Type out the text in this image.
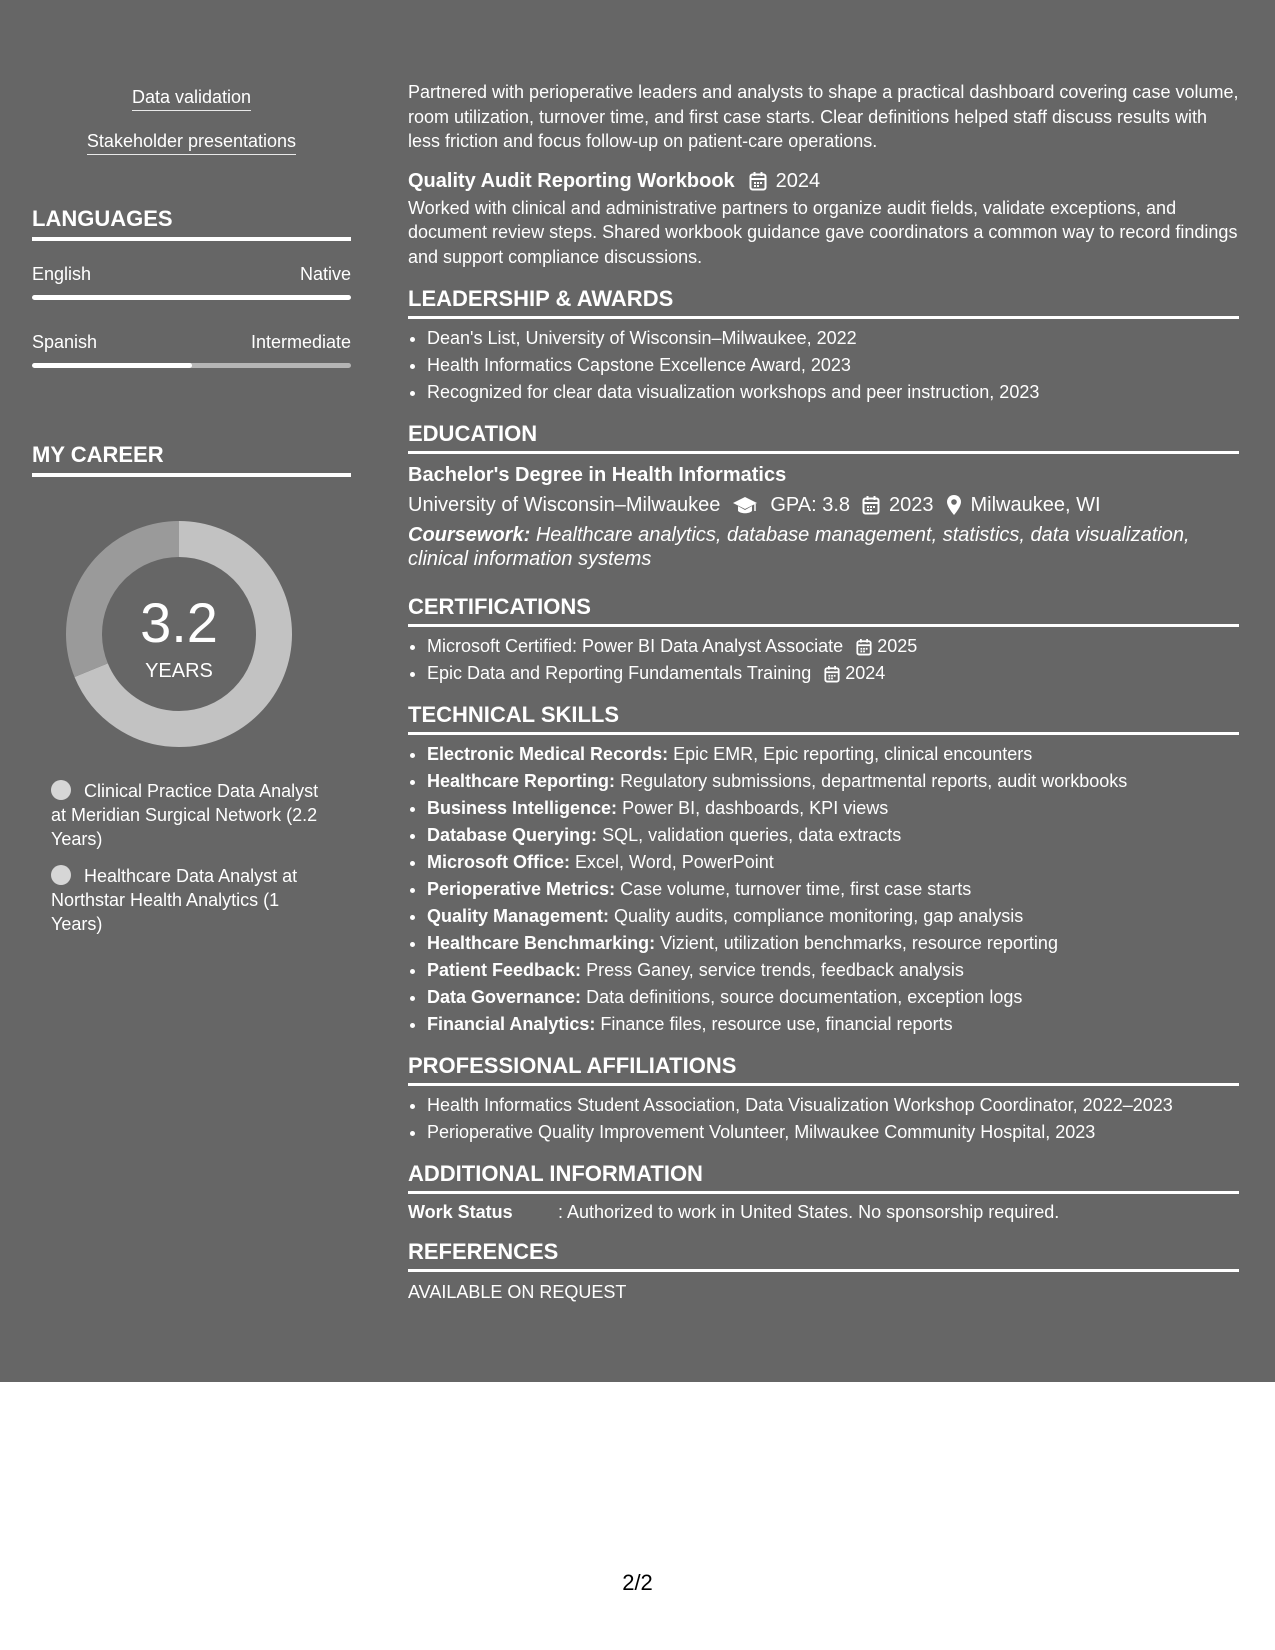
Data validation
Stakeholder presentations
LANGUAGES
English	Native
Spanish	Intermediate
MY CAREER
3.2
YEARS
Clinical Practice Data Analyst at Meridian Surgical Network (2.2 Years)
Healthcare Data Analyst at Northstar Health Analytics (1 Years)

Partnered with perioperative leaders and analysts to shape a practical dashboard covering case volume, room utilization, turnover time, and first case starts. Clear definitions helped staff discuss results with less friction and focus follow-up on patient-care operations.

Quality Audit Reporting Workbook 2024

Worked with clinical and administrative partners to organize audit fields, validate exceptions, and document review steps. Shared workbook guidance gave coordinators a common way to record findings and support compliance discussions.

LEADERSHIP & AWARDS
• Dean's List, University of Wisconsin–Milwaukee, 2022
• Health Informatics Capstone Excellence Award, 2023
• Recognized for clear data visualization workshops and peer instruction, 2023
EDUCATION
Bachelor's Degree in Health Informatics
University of Wisconsin–Milwaukee	GPA: 3.8 2023 Milwaukee, WI
Coursework: Healthcare analytics, database management, statistics, data visualization, clinical information systems
CERTIFICATIONS
• Microsoft Certified: Power BI Data Analyst Associate 2025
• Epic Data and Reporting Fundamentals Training 2024
TECHNICAL SKILLS
• Electronic Medical Records: Epic EMR, Epic reporting, clinical encounters
• Healthcare Reporting: Regulatory submissions, departmental reports, audit workbooks
• Business Intelligence: Power BI, dashboards, KPI views
• Database Querying: SQL, validation queries, data extracts
• Microsoft Office: Excel, Word, PowerPoint
• Perioperative Metrics: Case volume, turnover time, first case starts
• Quality Management: Quality audits, compliance monitoring, gap analysis
• Healthcare Benchmarking: Vizient, utilization benchmarks, resource reporting
• Patient Feedback: Press Ganey, service trends, feedback analysis
• Data Governance: Data definitions, source documentation, exception logs
• Financial Analytics: Finance files, resource use, financial reports
PROFESSIONAL AFFILIATIONS
• Health Informatics Student Association, Data Visualization Workshop Coordinator, 2022–2023
• Perioperative Quality Improvement Volunteer, Milwaukee Community Hospital, 2023
ADDITIONAL INFORMATION
Work Status	: Authorized to work in United States. No sponsorship required.
REFERENCES
AVAILABLE ON REQUEST
2/2
